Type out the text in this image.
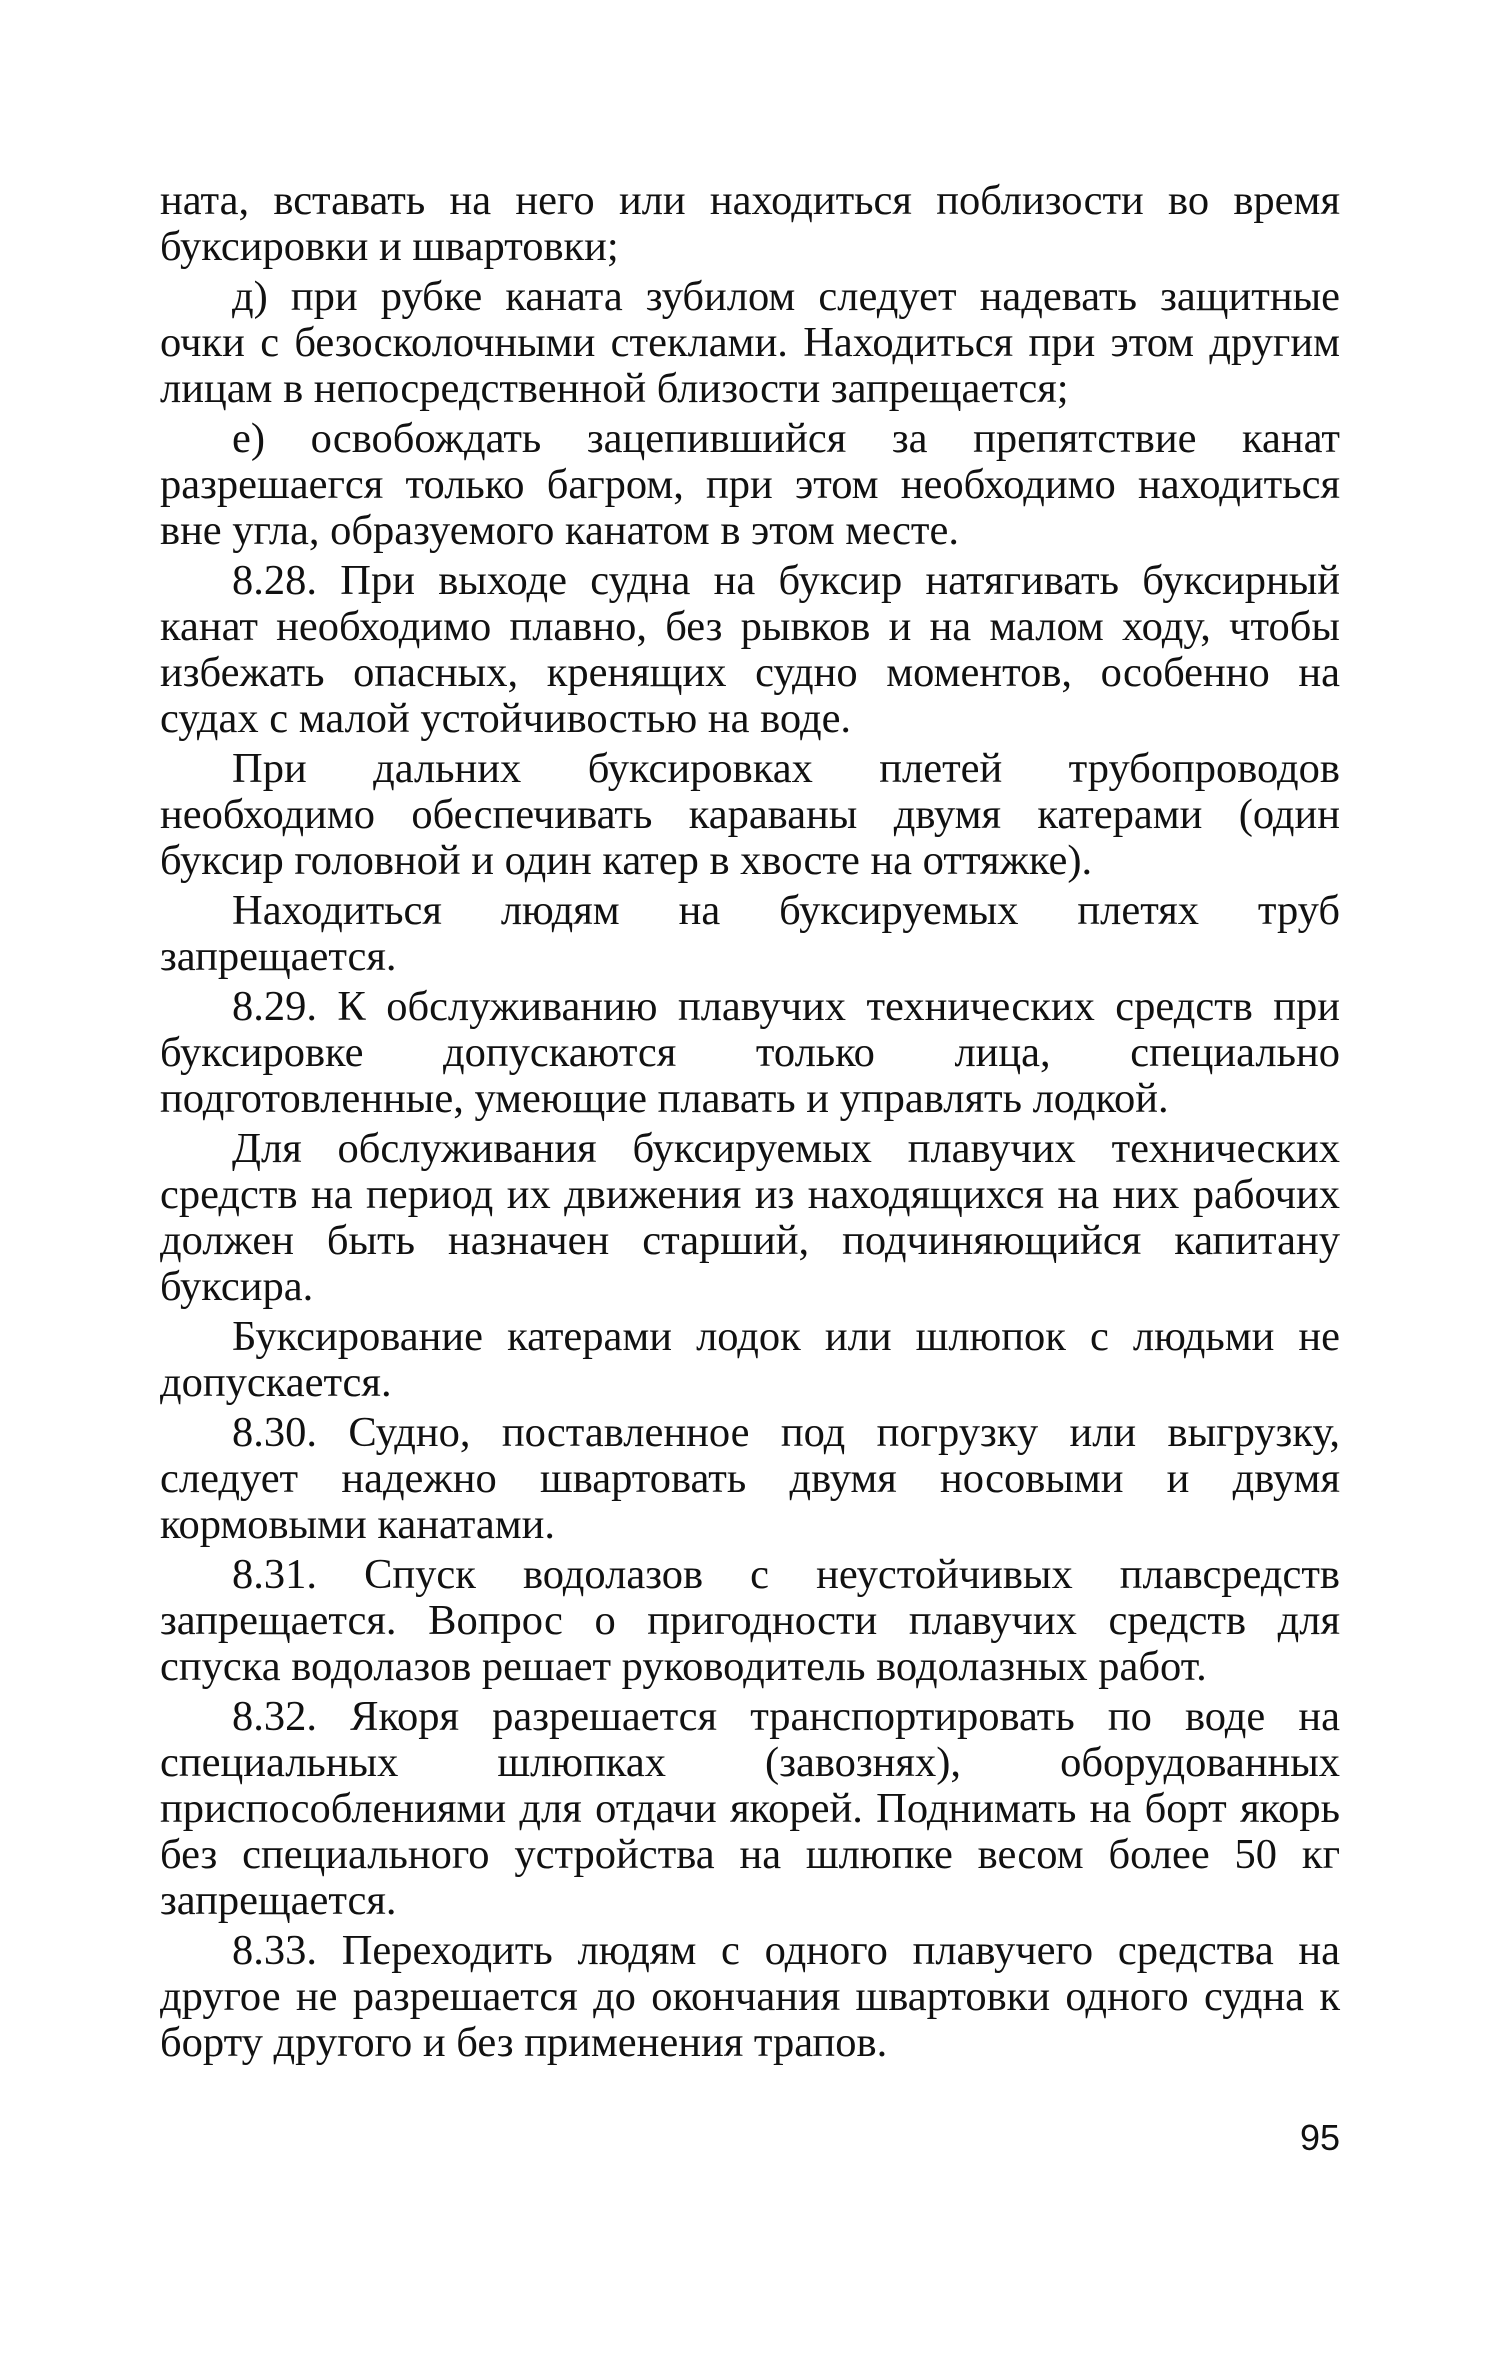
ната, вставать на него или находиться поблизости во время буксировки и швартовки;

д) при рубке каната зубилом следует надевать защитные очки с безосколочными стеклами. Находиться при этом другим лицам в непосредственной близости запрещается;

е) освобождать зацепившийся за препятствие канат разрешаегся только багром, при этом необходимо находиться вне угла, образуемого канатом в этом месте.

8.28. При выходе судна на буксир натягивать буксирный канат необходимо плавно, без рывков и на малом ходу, чтобы избежать опасных, кренящих судно моментов, особенно на судах с малой устойчивостью на воде.

При дальних буксировках плетей трубопроводов необходимо обеспечивать караваны двумя катерами (один буксир головной и один катер в хвосте на оттяжке).

Находиться людям на буксируемых плетях труб запрещается.

8.29. К обслуживанию плавучих технических средств при буксировке допускаются только лица, специально подготовленные, умеющие плавать и управлять лодкой.

Для обслуживания буксируемых плавучих технических средств на период их движения из находящихся на них рабочих должен быть назначен старший, подчиняющийся капитану буксира.

Буксирование катерами лодок или шлюпок с людьми не допускается.

8.30. Судно, поставленное под погрузку или выгрузку, следует надежно швартовать двумя носовыми и двумя кормовыми канатами.

8.31. Спуск водолазов с неустойчивых плавсредств запрещается. Вопрос о пригодности плавучих средств для спуска водолазов решает руководитель водолазных работ.

8.32. Якоря разрешается транспортировать по воде на специальных шлюпках (завознях), оборудованных приспособлениями для отдачи якорей. Поднимать на борт якорь без специального устройства на шлюпке весом более 50 кг запрещается.

8.33. Переходить людям с одного плавучего средства на другое не разрешается до окончания швартовки одного судна к борту другого и без применения трапов.

95
